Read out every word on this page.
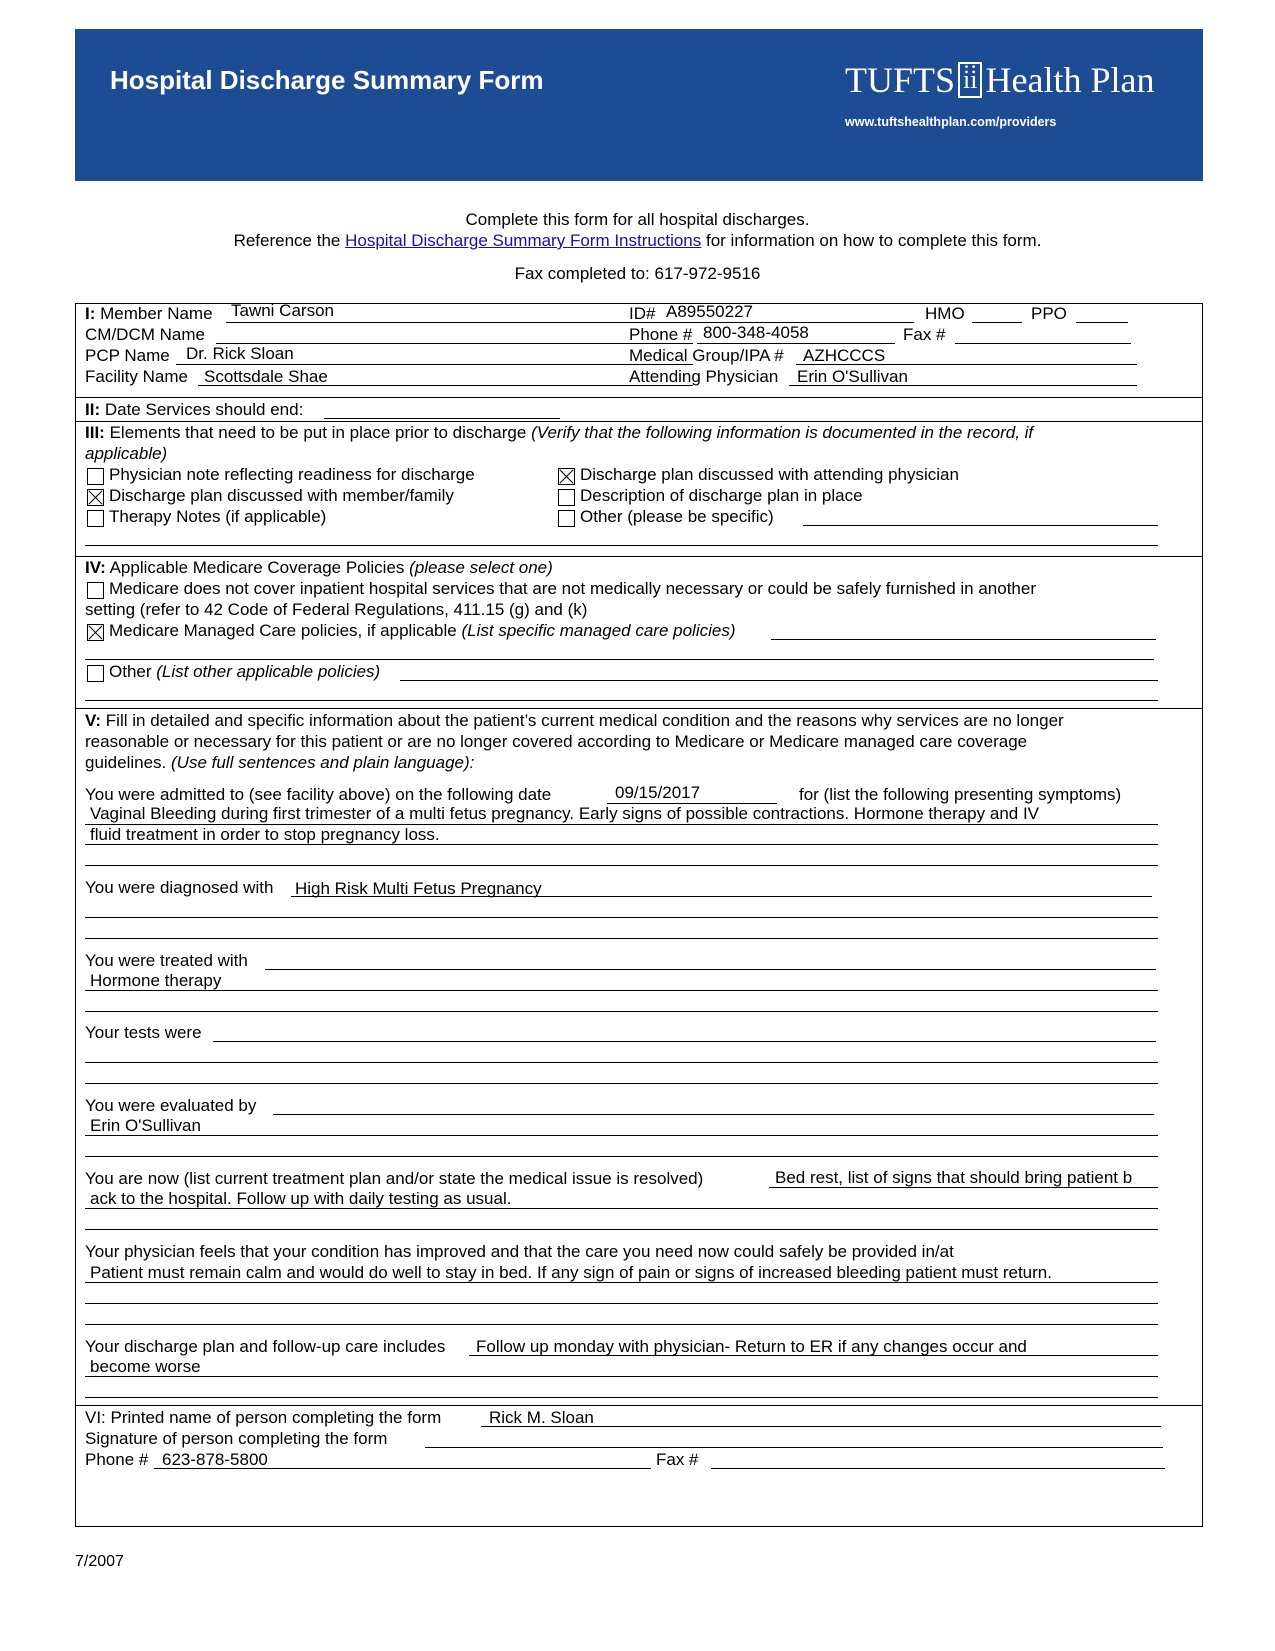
Hospital Discharge Summary Form	TUFTS i̇i̇ Health Plan
www.tuftshealthplan.com/providers
Complete this form for all hospital discharges.
Reference the Hospital Discharge Summary Form Instructions for information on how to complete this form.
Fax completed to: 617-972-9516
I: Member Name Tawni Carson	ID# A89550227	HMO	PPO
CM/DCM Name	Phone # 800-348-4058	Fax #
PCP Name Dr. Rick Sloan	Medical Group/IPA # AZHCCCS
Facility Name Scottsdale Shae	Attending Physician Erin O'Sullivan
II: Date Services should end:
III: Elements that need to be put in place prior to discharge (Verify that the following information is documented in the record, if
applicable)
Physician note reflecting readiness for discharge
Discharge plan discussed with member/family
Therapy Notes (if applicable)
Discharge plan discussed with attending physician
Description of discharge plan in place
Other (please be specific)
IV: Applicable Medicare Coverage Policies (please select one)
Medicare does not cover inpatient hospital services that are not medically necessary or could be safely furnished in another
setting (refer to 42 Code of Federal Regulations, 411.15 (g) and (k)
Medicare Managed Care policies, if applicable (List specific managed care policies)
Other (List other applicable policies)
V: Fill in detailed and specific information about the patient’s current medical condition and the reasons why services are no longer
reasonable or necessary for this patient or are no longer covered according to Medicare or Medicare managed care coverage
guidelines. (Use full sentences and plain language):
You were admitted to (see facility above) on the following date	09/15/2017	for (list the following presenting symptoms)
Vaginal Bleeding during first trimester of a multi fetus pregnancy. Early signs of possible contractions. Hormone therapy and IV
fluid treatment in order to stop pregnancy loss.
You were diagnosed with High Risk Multi Fetus Pregnancy
You were treated with
Hormone therapy
Your tests were
You were evaluated by
Erin O'Sullivan
You are now (list current treatment plan and/or state the medical issue is resolved)	Bed rest, list of signs that should bring patient b
ack to the hospital. Follow up with daily testing as usual.
Your physician feels that your condition has improved and that the care you need now could safely be provided in/at
Patient must remain calm and would do well to stay in bed. If any sign of pain or signs of increased bleeding patient must return.
Your discharge plan and follow-up care includes Follow up monday with physician- Return to ER if any changes occur and
become worse
VI: Printed name of person completing the form	Rick M. Sloan
Signature of person completing the form
Phone # 623-878-5800	Fax #
7/2007
